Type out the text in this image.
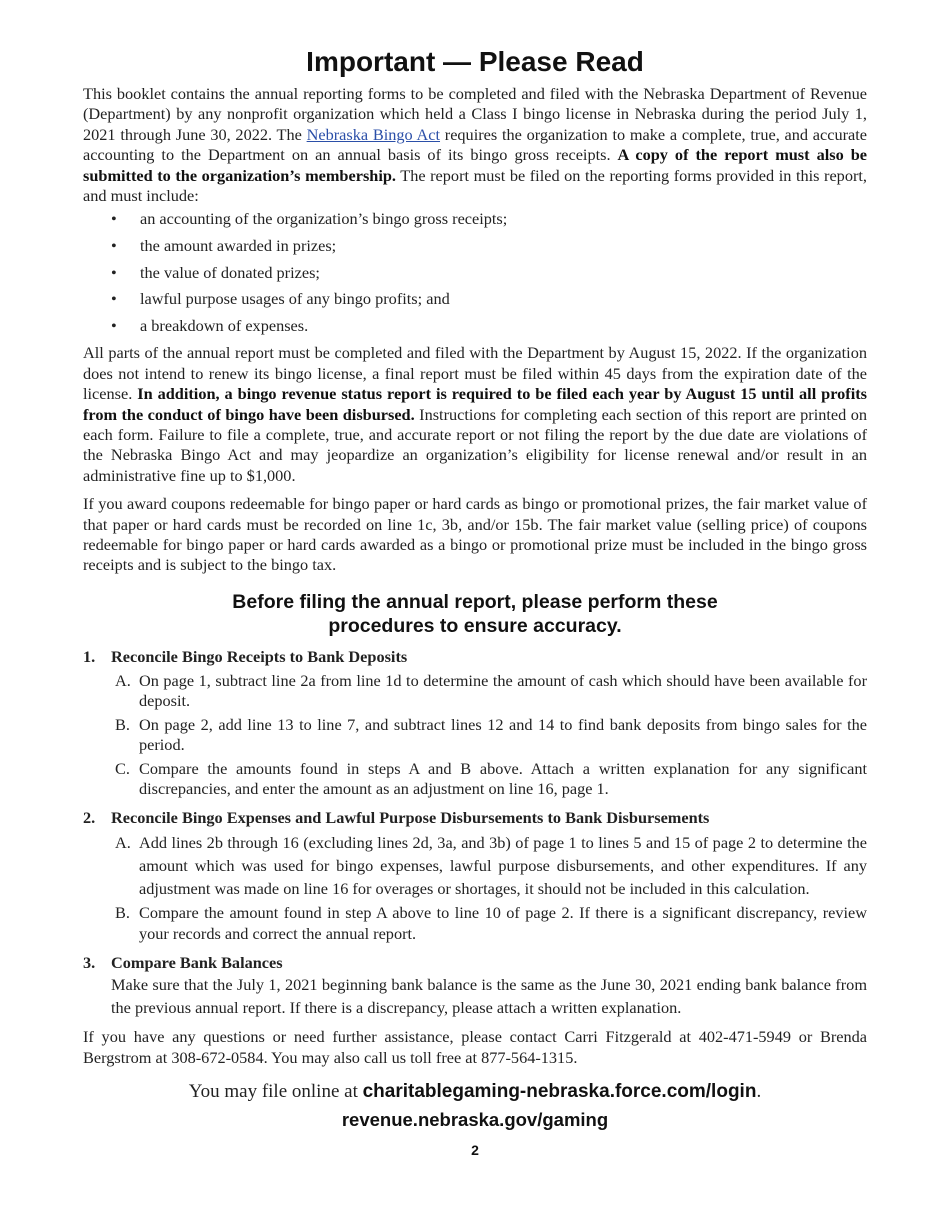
Important — Please Read

This booklet contains the annual reporting forms to be completed and filed with the Nebraska Department of Revenue (Department) by any nonprofit organization which held a Class I bingo license in Nebraska during the period July 1, 2021 through June 30, 2022. The Nebraska Bingo Act requires the organization to make a complete, true, and accurate accounting to the Department on an annual basis of its bingo gross receipts. A copy of the report must also be submitted to the organization’s membership. The report must be filed on the reporting forms provided in this report, and must include:

• an accounting of the organization’s bingo gross receipts;
• the amount awarded in prizes;
• the value of donated prizes;
• lawful purpose usages of any bingo profits; and
• a breakdown of expenses.

All parts of the annual report must be completed and filed with the Department by August 15, 2022. If the organization does not intend to renew its bingo license, a final report must be filed within 45 days from the expiration date of the license. In addition, a bingo revenue status report is required to be filed each year by August 15 until all profits from the conduct of bingo have been disbursed. Instructions for completing each section of this report are printed on each form. Failure to file a complete, true, and accurate report or not filing the report by the due date are violations of the Nebraska Bingo Act and may jeopardize an organization’s eligibility for license renewal and/or result in an administrative fine up to $1,000.

If you award coupons redeemable for bingo paper or hard cards as bingo or promotional prizes, the fair market value of that paper or hard cards must be recorded on line 1c, 3b, and/or 15b. The fair market value (selling price) of coupons redeemable for bingo paper or hard cards awarded as a bingo or promotional prize must be included in the bingo gross receipts and is subject to the bingo tax.

Before filing the annual report, please perform these
procedures to ensure accuracy.
1. Reconcile Bingo Receipts to Bank Deposits
A. On page 1, subtract line 2a from line 1d to determine the amount of cash which should have been available for deposit.
B. On page 2, add line 13 to line 7, and subtract lines 12 and 14 to find bank deposits from bingo sales for the period.
C. Compare the amounts found in steps A and B above. Attach a written explanation for any significant discrepancies, and enter the amount as an adjustment on line 16, page 1.
2. Reconcile Bingo Expenses and Lawful Purpose Disbursements to Bank Disbursements
A. Add lines 2b through 16 (excluding lines 2d, 3a, and 3b) of page 1 to lines 5 and 15 of page 2 to determine the amount which was used for bingo expenses, lawful purpose disbursements, and other expenditures. If any adjustment was made on line 16 for overages or shortages, it should not be included in this calculation.
B. Compare the amount found in step A above to line 10 of page 2. If there is a significant discrepancy, review your records and correct the annual report.
3. Compare Bank Balances
Make sure that the July 1, 2021 beginning bank balance is the same as the June 30, 2021 ending bank balance from the previous annual report. If there is a discrepancy, please attach a written explanation.

If you have any questions or need further assistance, please contact Carri Fitzgerald at 402-471-5949 or Brenda Bergstrom at 308-672-0584. You may also call us toll free at 877-564-1315.

You may file online at charitablegaming-nebraska.force.com/login.
revenue.nebraska.gov/gaming
2
